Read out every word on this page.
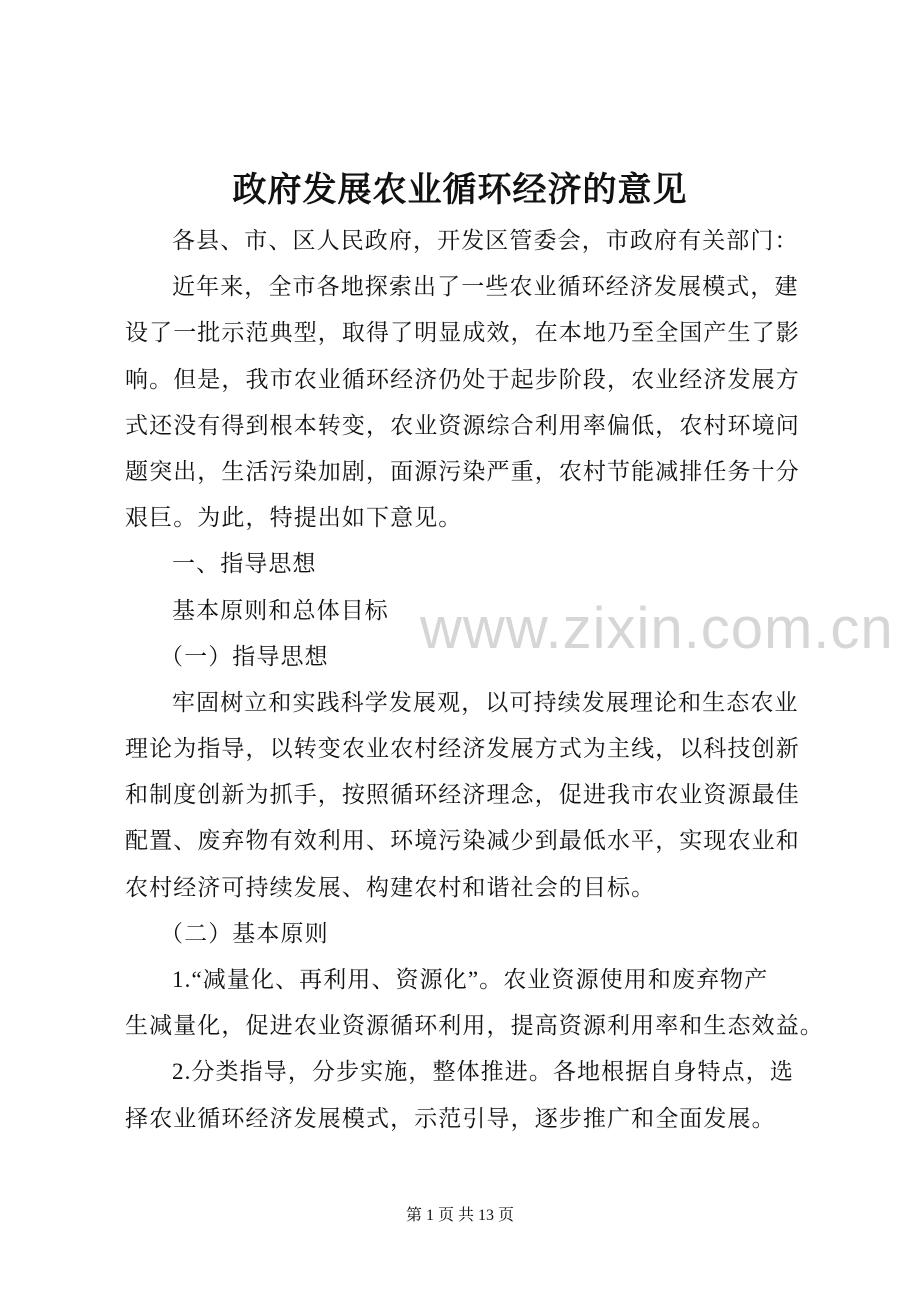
政府发展农业循环经济的意见
各县、市、区人民政府，开发区管委会，市政府有关部门：
近年来，全市各地探索出了一些农业循环经济发展模式，建
设了一批示范典型，取得了明显成效，在本地乃至全国产生了影
响。但是，我市农业循环经济仍处于起步阶段，农业经济发展方
式还没有得到根本转变，农业资源综合利用率偏低，农村环境问
题突出，生活污染加剧，面源污染严重，农村节能减排任务十分
艰巨。为此，特提出如下意见。
一、指导思想
基本原则和总体目标
（一）指导思想
牢固树立和实践科学发展观，以可持续发展理论和生态农业
理论为指导，以转变农业农村经济发展方式为主线，以科技创新
和制度创新为抓手，按照循环经济理念，促进我市农业资源最佳
配置、废弃物有效利用、环境污染减少到最低水平，实现农业和
农村经济可持续发展、构建农村和谐社会的目标。
（二）基本原则
1.“减量化、再利用、资源化”。农业资源使用和废弃物产
生减量化，促进农业资源循环利用，提高资源利用率和生态效益。
2.分类指导，分步实施，整体推进。各地根据自身特点，选
择农业循环经济发展模式，示范引导，逐步推广和全面发展。
www.zixin.com.cn
第 1 页 共 13 页
